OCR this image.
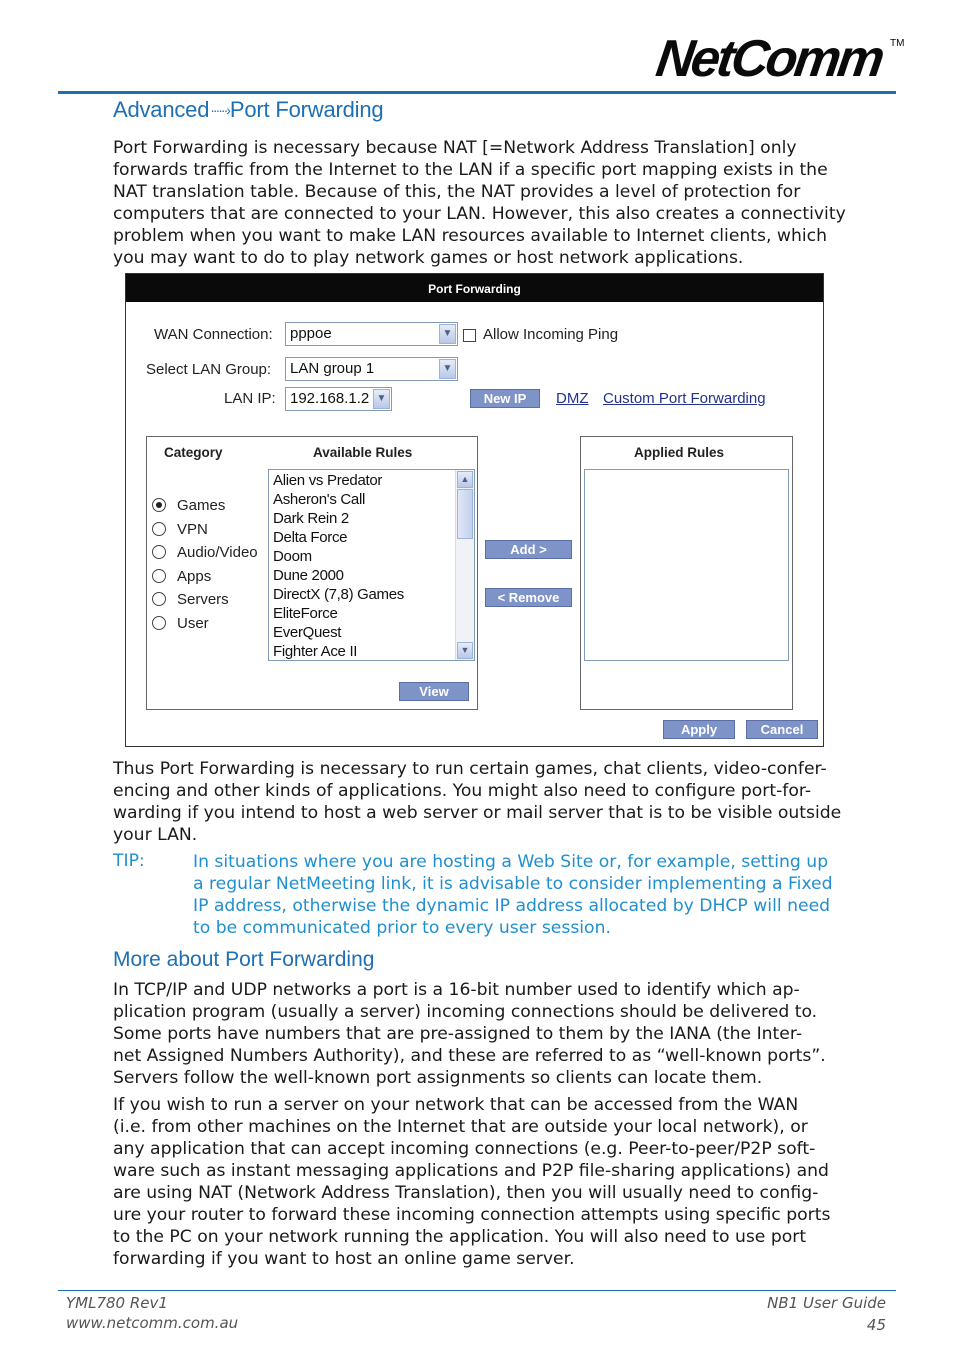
NetComm TM
Advanced······›Port Forwarding

Port Forwarding is necessary because NAT [=Network Address Translation] only

forwards traffic from the Internet to the LAN if a specific port mapping exists in the

NAT translation table. Because of this, the NAT provides a level of protection for

computers that are connected to your LAN. However, this also creates a connectivity

problem when you want to make LAN resources available to Internet clients, which

you may want to do to play network games or host network applications.

Port Forwarding
WAN Connection:	pppoe	▼ Allow Incoming Ping
Select LAN Group:	LAN group 1	▼
LAN IP: 192.168.1.2 ▼	New IP	DMZ Custom Port Forwarding
Category	Available Rules
Games
VPN
Audio/Video
Apps
Servers
User
Alien vs Predator
Asheron's Call
Dark Rein 2
Delta Force
Doom
Dune 2000
DirectX (7,8) Games
EliteForce
EverQuest
Fighter Ace II
▲
▼
View
Add >
< Remove
Applied Rules
Apply	Cancel

Thus Port Forwarding is necessary to run certain games, chat clients, video-confer-

encing and other kinds of applications. You might also need to configure port-for-

warding if you intend to host a web server or mail server that is to be visible outside

your LAN.

TIP:	In situations where you are hosting a Web Site or, for example, setting up
a regular NetMeeting link, it is advisable to consider implementing a Fixed
IP address, otherwise the dynamic IP address allocated by DHCP will need
to be communicated prior to every user session.
More about Port Forwarding

In TCP/IP and UDP networks a port is a 16-bit number used to identify which ap-

plication program (usually a server) incoming connections should be delivered to.

Some ports have numbers that are pre-assigned to them by the IANA (the Inter-

net Assigned Numbers Authority), and these are referred to as “well-known ports”.

Servers follow the well-known port assignments so clients can locate them.

If you wish to run a server on your network that can be accessed from the WAN

(i.e. from other machines on the Internet that are outside your local network), or

any application that can accept incoming connections (e.g. Peer-to-peer/P2P soft-

ware such as instant messaging applications and P2P file-sharing applications) and

are using NAT (Network Address Translation), then you will usually need to config-

ure your router to forward these incoming connection attempts using specific ports

to the PC on your network running the application. You will also need to use port

forwarding if you want to host an online game server.

YML780 Rev1
www.netcomm.com.au
NB1 User Guide
45
